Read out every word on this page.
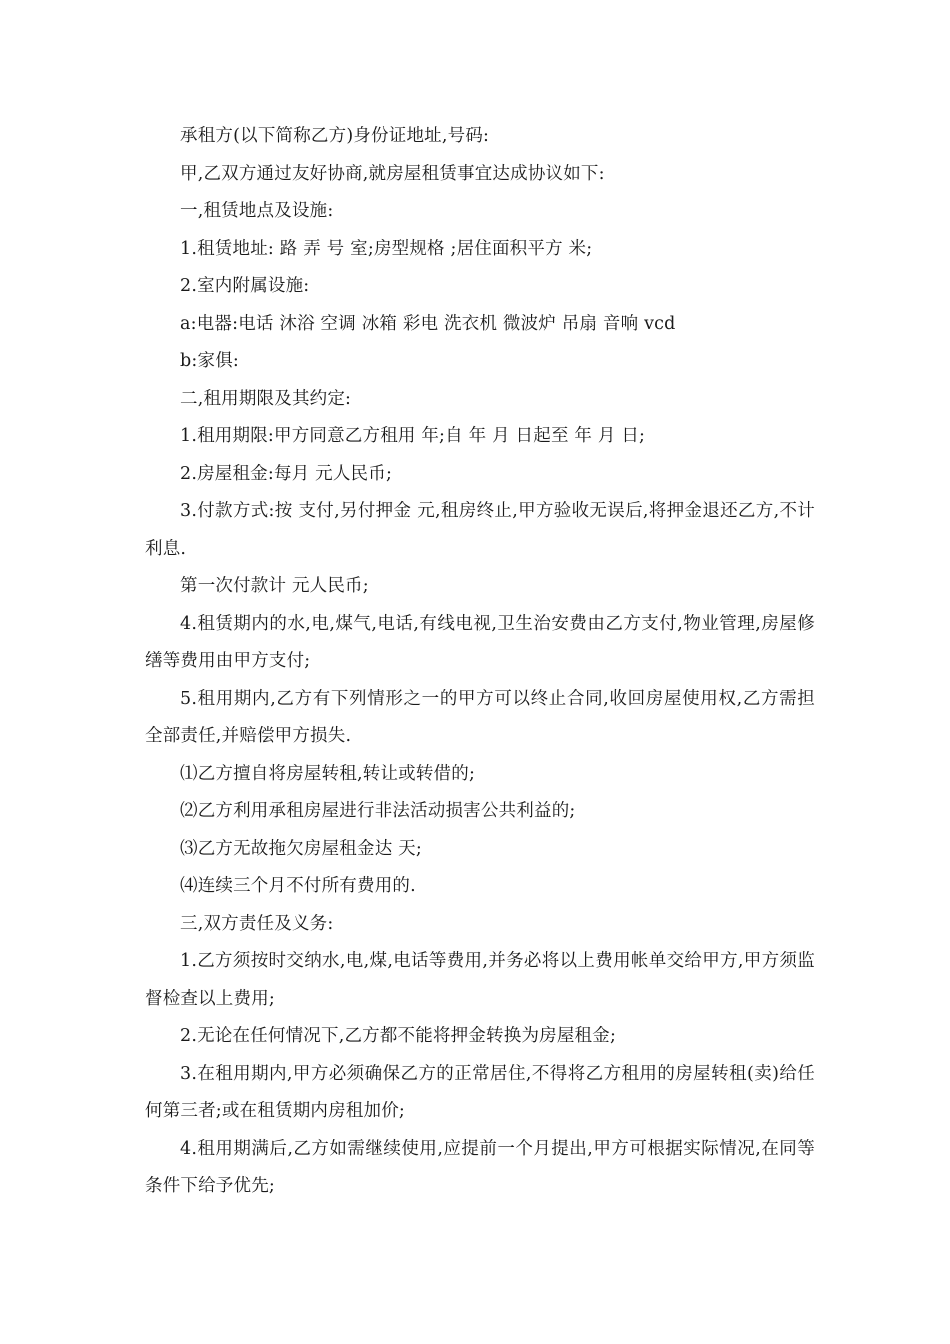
承租方(以下简称乙方)身份证地址,号码:

甲,乙双方通过友好协商,就房屋租赁事宜达成协议如下:

一,租赁地点及设施:

1.租赁地址: 路 弄 号 室;房型规格 ;居住面积平方 米;

2.室内附属设施:

a:电器:电话 沐浴 空调 冰箱 彩电 洗衣机 微波炉 吊扇 音响 vcd

b:家俱:

二,租用期限及其约定:

1.租用期限:甲方同意乙方租用 年;自 年 月 日起至 年 月 日;

2.房屋租金:每月 元人民币;

3.付款方式:按 支付,另付押金 元,租房终止,甲方验收无误后,将押金退还乙方,不计利息.

第一次付款计 元人民币;

4.租赁期内的水,电,煤气,电话,有线电视,卫生治安费由乙方支付,物业管理,房屋修缮等费用由甲方支付;

5.租用期内,乙方有下列情形之一的甲方可以终止合同,收回房屋使用权,乙方需担全部责任,并赔偿甲方损失.

⑴乙方擅自将房屋转租,转让或转借的;

⑵乙方利用承租房屋进行非法活动损害公共利益的;

⑶乙方无故拖欠房屋租金达 天;

⑷连续三个月不付所有费用的.

三,双方责任及义务:

1.乙方须按时交纳水,电,煤,电话等费用,并务必将以上费用帐单交给甲方,甲方须监督检查以上费用;

2.无论在任何情况下,乙方都不能将押金转换为房屋租金;

3.在租用期内,甲方必须确保乙方的正常居住,不得将乙方租用的房屋转租(卖)给任何第三者;或在租赁期内房租加价;

4.租用期满后,乙方如需继续使用,应提前一个月提出,甲方可根据实际情况,在同等条件下给予优先;
